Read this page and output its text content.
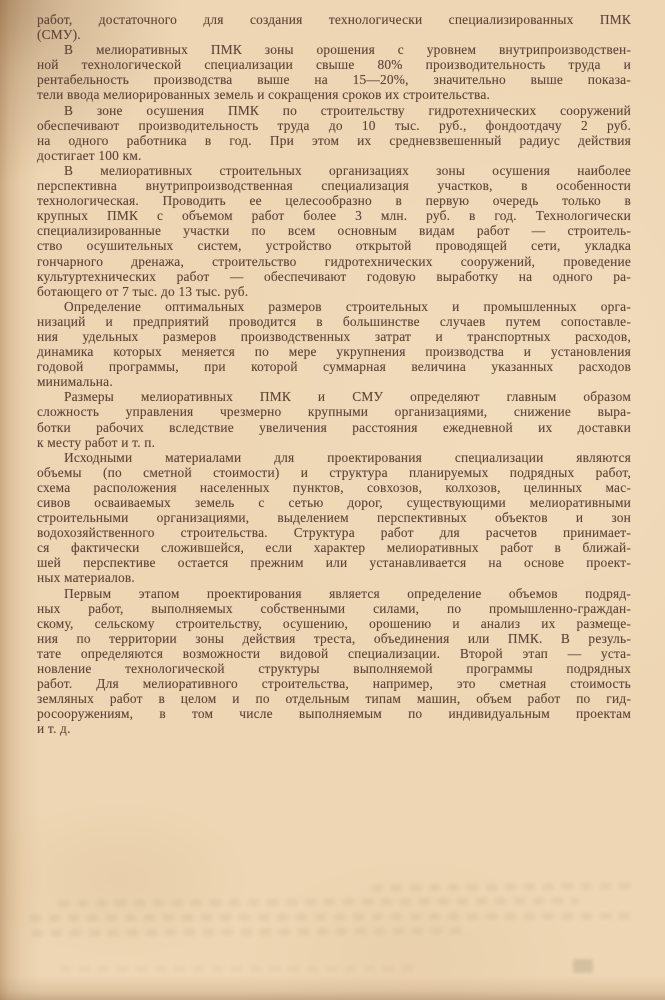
работ, достаточного для создания технологически специализированных ПМК
(СМУ).
В мелиоративных ПМК зоны орошения с уровнем внутрипроизводствен-
ной технологической специализации свыше 80% производительность труда и
рентабельность производства выше на 15—20%, значительно выше показа-
тели ввода мелиорированных земель и сокращения сроков их строительства.
В зоне осушения ПМК по строительству гидротехнических сооружений
обеспечивают производительность труда до 10 тыс. руб., фондоотдачу 2 руб.
на одного работника в год. При этом их средневзвешенный радиус действия
достигает 100 км.
В мелиоративных строительных организациях зоны осушения наиболее
перспективна внутрипроизводственная специализация участков, в особенности
технологическая. Проводить ее целесообразно в первую очередь только в
крупных ПМК с объемом работ более 3 млн. руб. в год. Технологически
специализированные участки по всем основным видам работ — строитель-
ство осушительных систем, устройство открытой проводящей сети, укладка
гончарного дренажа, строительство гидротехнических сооружений, проведение
культуртехнических работ — обеспечивают годовую выработку на одного ра-
ботающего от 7 тыс. до 13 тыс. руб.
Определение оптимальных размеров строительных и промышленных орга-
низаций и предприятий проводится в большинстве случаев путем сопоставле-
ния удельных размеров производственных затрат и транспортных расходов,
динамика которых меняется по мере укрупнения производства и установления
годовой программы, при которой суммарная величина указанных расходов
минимальна.
Размеры мелиоративных ПМК и СМУ определяют главным образом
сложность управления чрезмерно крупными организациями, снижение выра-
ботки рабочих вследствие увеличения расстояния ежедневной их доставки
к месту работ и т. п.
Исходными материалами для проектирования специализации являются
объемы (по сметной стоимости) и структура планируемых подрядных работ,
схема расположения населенных пунктов, совхозов, колхозов, целинных мас-
сивов осваиваемых земель с сетью дорог, существующими мелиоративными
строительными организациями, выделением перспективных объектов и зон
водохозяйственного строительства. Структура работ для расчетов принимает-
ся фактически сложившейся, если характер мелиоративных работ в ближай-
шей перспективе остается прежним или устанавливается на основе проект-
ных материалов.
Первым этапом проектирования является определение объемов подряд-
ных работ, выполняемых собственными силами, по промышленно-граждан-
скому, сельскому строительству, осушению, орошению и анализ их размеще-
ния по территории зоны действия треста, объединения или ПМК. В резуль-
тате определяются возможности видовой специализации. Второй этап — уста-
новление технологической структуры выполняемой программы подрядных
работ. Для мелиоративного строительства, например, это сметная стоимость
земляных работ в целом и по отдельным типам машин, объем работ по гид-
росооружениям, в том числе выполняемым по индивидуальным проектам
и т. д.
